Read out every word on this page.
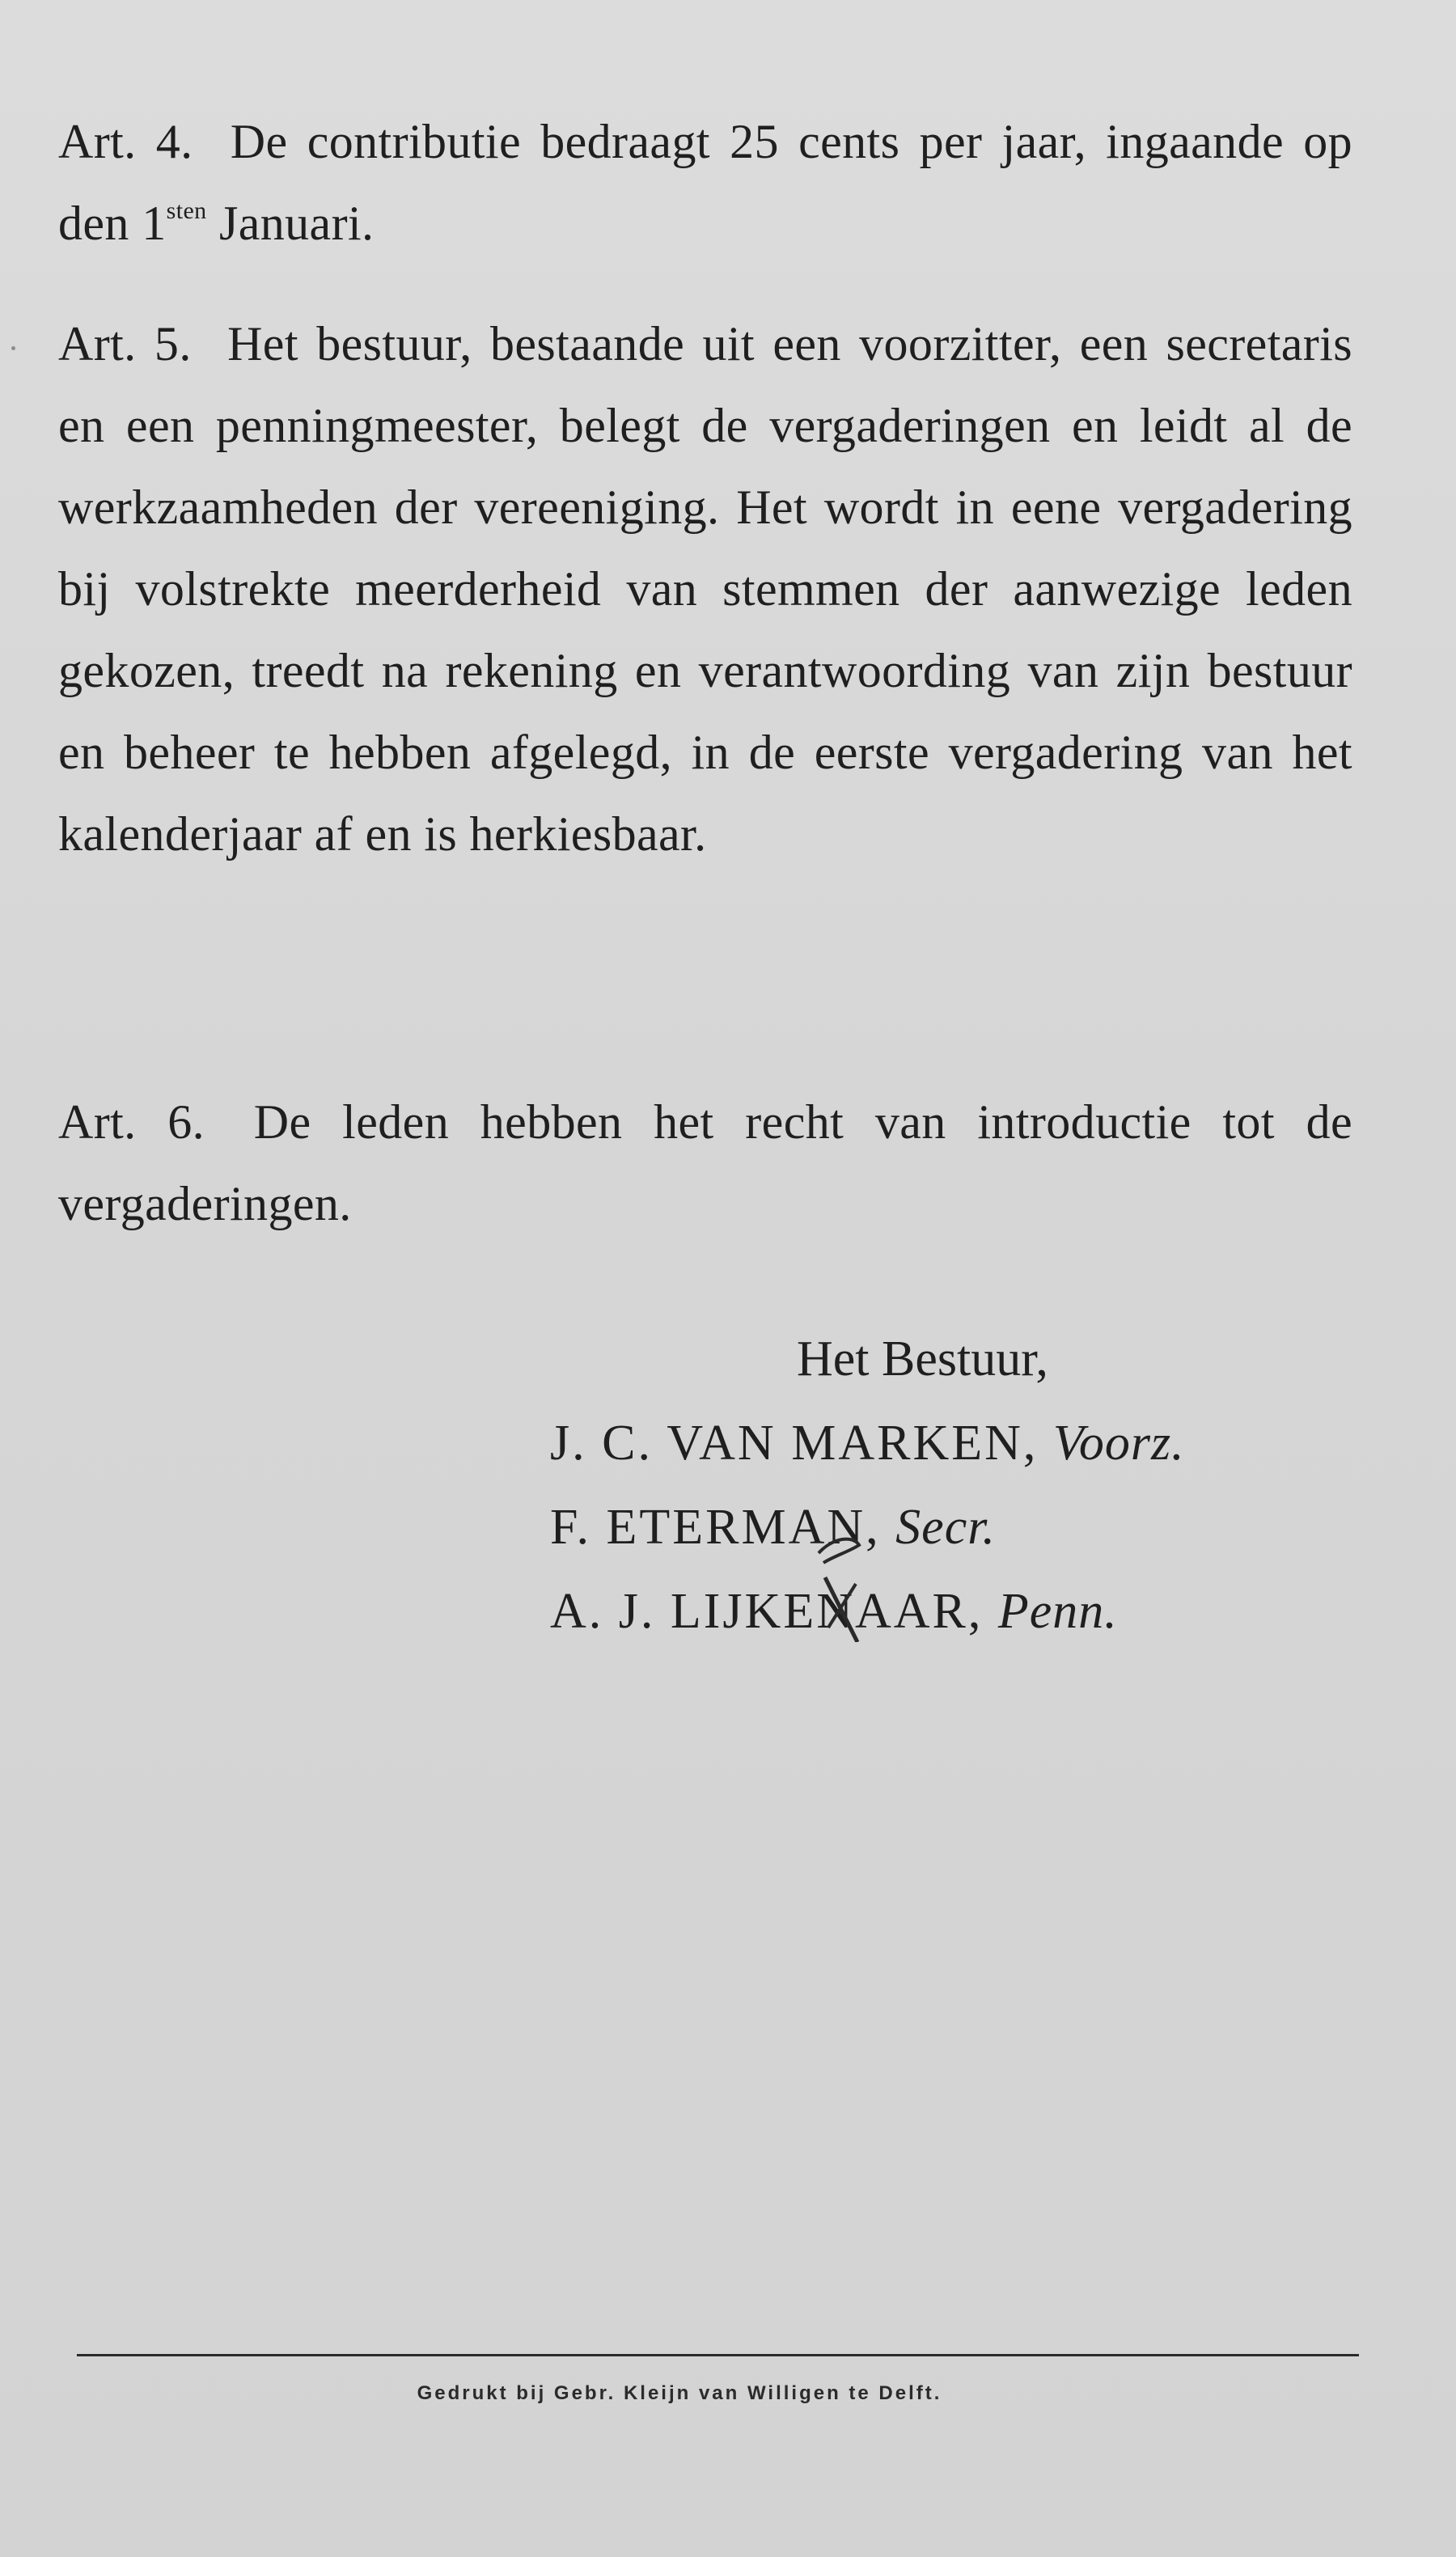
Art. 4. De contributie bedraagt 25 cents per jaar, ingaande op den $1^{sten}$ Januari.
Art. 5. Het bestuur, bestaande uit een voorzitter, een secretaris en een penningmeester, belegt de vergaderingen en leidt al de werkzaamheden der vereeniging. Het wordt in eene vergadering bij volstrekte meerderheid van stemmen der aanwezige leden gekozen, treedt na rekening en verantwoording van zijn bestuur en beheer te hebben afgelegd, in de eerste vergadering van het kalenderjaar af en is herkiesbaar.
Art. 6. De leden hebben het recht van introductie tot de vergaderingen.
Het Bestuur,
J. C. VAN MARKEN, Voorz.
F. ETERMAN, Secr.
A. J. LIJKENAAR, Penn.
Gedrukt bij Gebr. Kleijn van Willigen te Delft.
